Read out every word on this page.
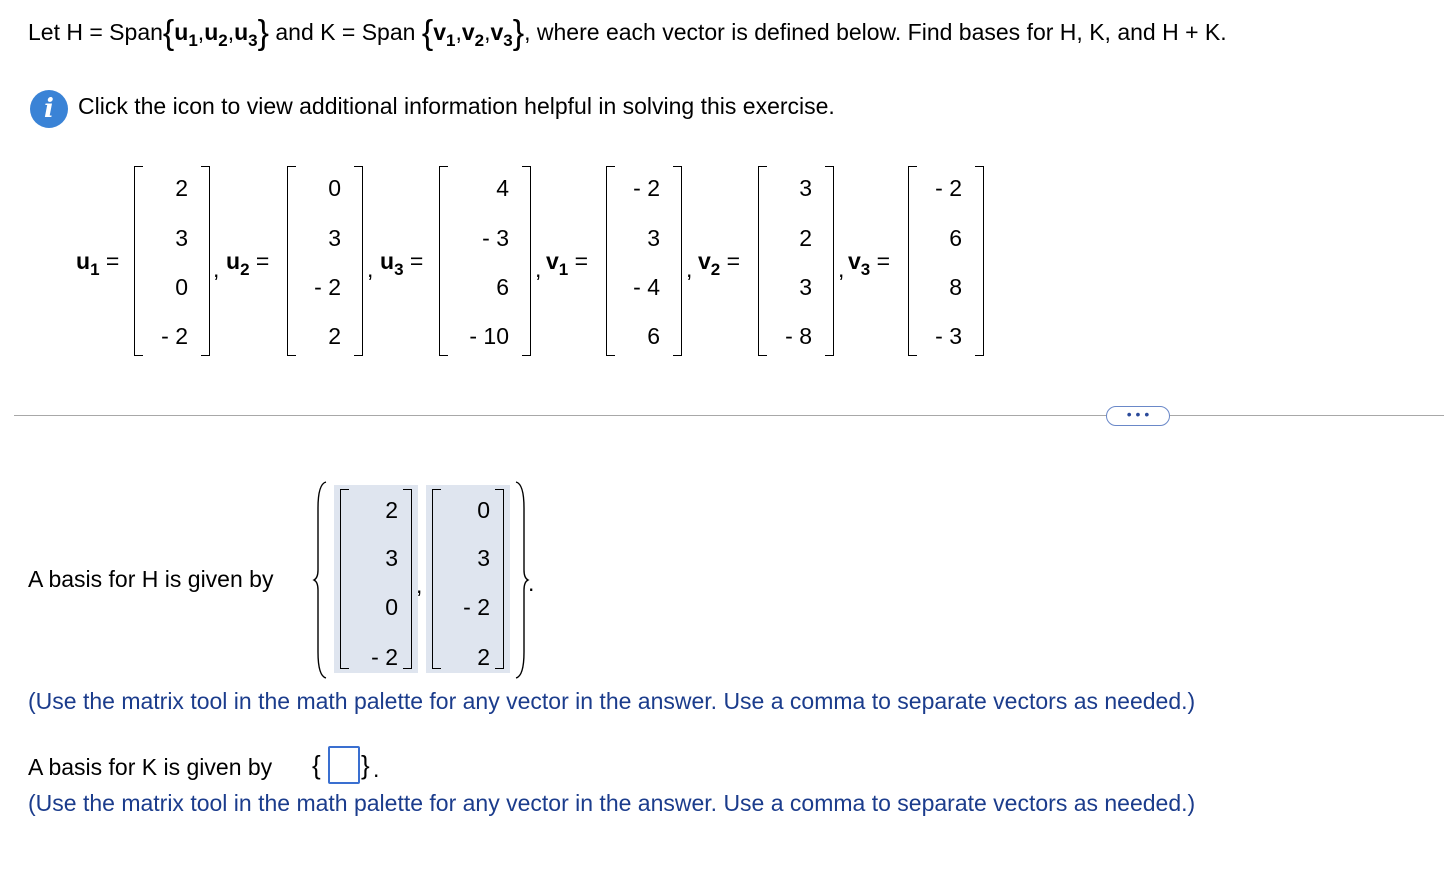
Let $H = Span\{u_1,u_2,u_3\}$ and K = Span $\{v_1,v_2,v_3\}$, where each vector is defined below. Find bases for H, K, and H + K.
i	Click the icon to view additional information helpful in solving this exercise.
$u_1$ =
2
3
0
- 2
, $u_2$ =
0
3
- 2
2
, $u_3$ =
4
- 3
6
- 10
, $v_1$ =
- 2
3
- 4
6
, $v_2$ =
3
2
3
- 8
, $v_3$ =
- 2
6
8
- 3
• • •
A basis for H is given by
2
3
0
- 2
,
0
3
- 2
2
.
(Use the matrix tool in the math palette for any vector in the answer. Use a comma to separate vectors as needed.)
A basis for K is given by { } .
(Use the matrix tool in the math palette for any vector in the answer. Use a comma to separate vectors as needed.)
